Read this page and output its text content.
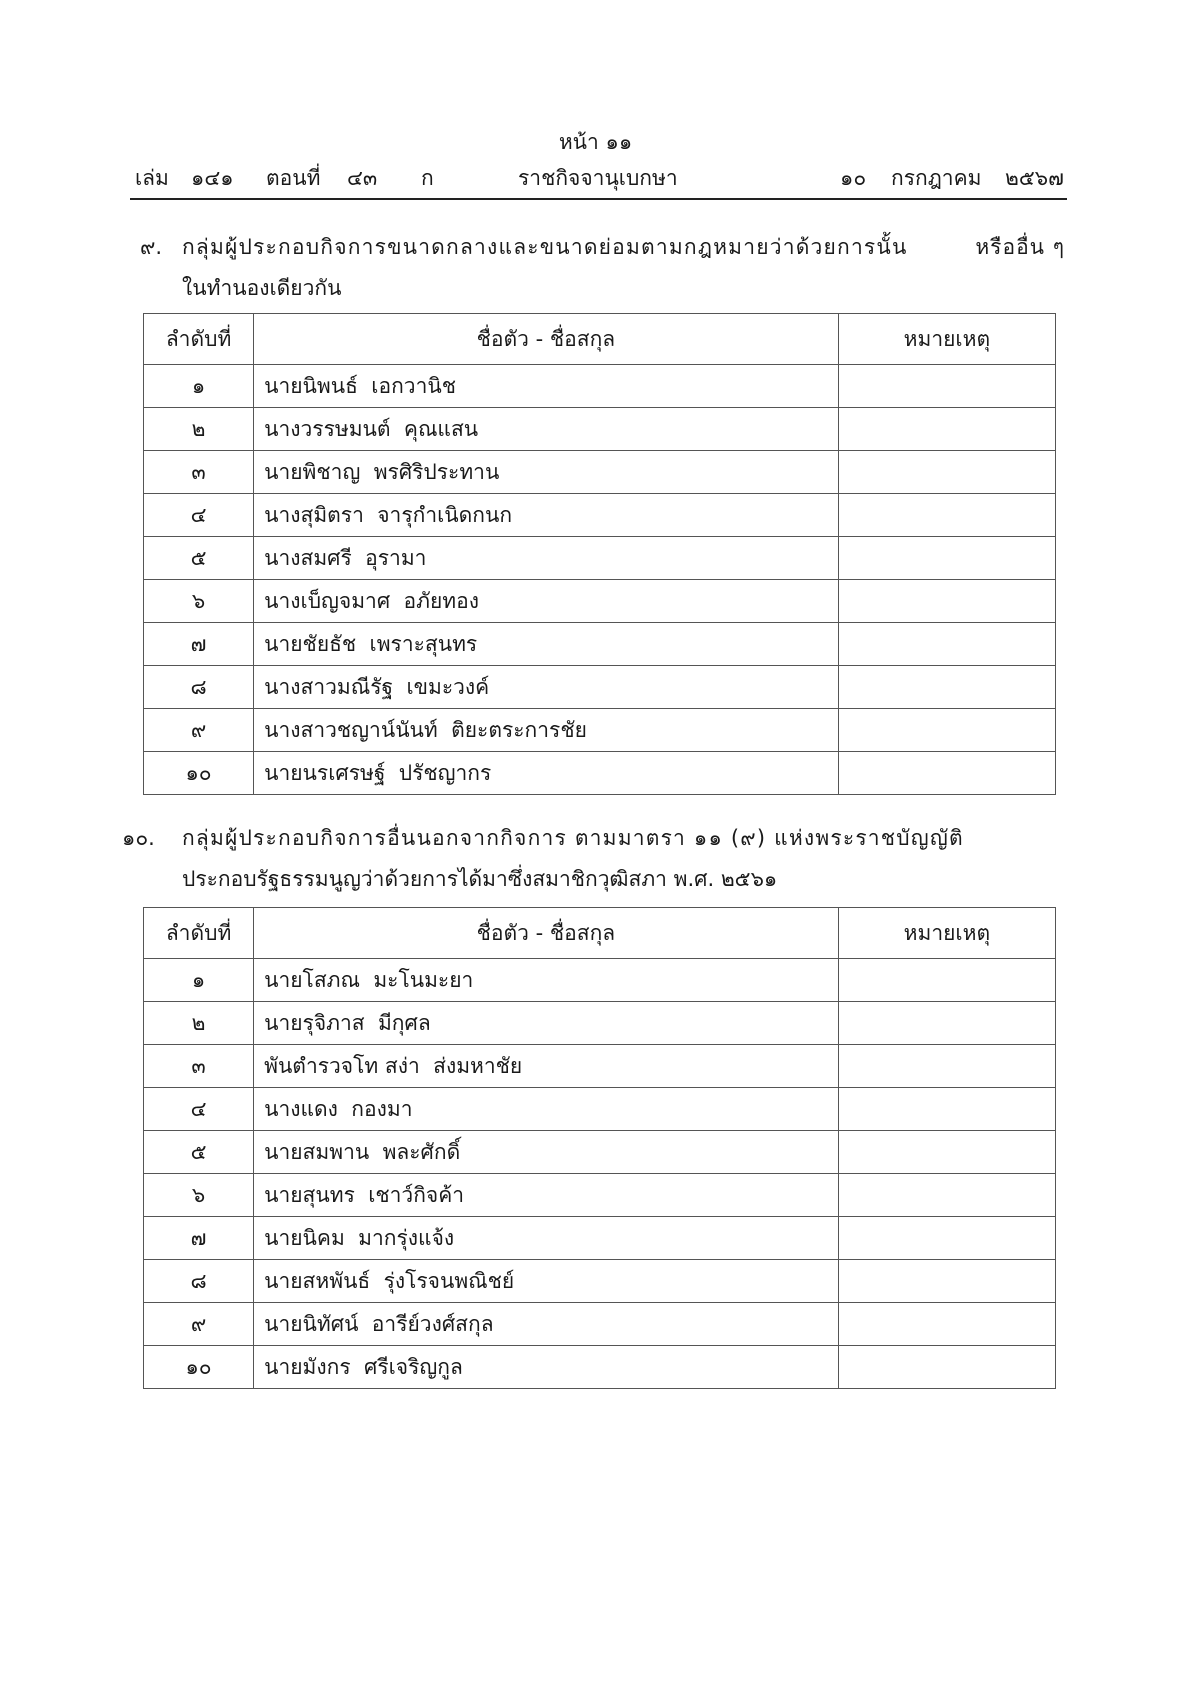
หน้า ๑๑
เล่ม ๑๔๑ ตอนที่ ๔๓ ก	ราชกิจจานุเบกษา	๑๐ กรกฎาคม ๒๕๖๗
๙. กลุ่มผู้ประกอบกิจการขนาดกลางและขนาดย่อมตามกฎหมายว่าด้วยการนั้น	หรืออื่น ๆ
ในทำนองเดียวกัน
ลำดับที่	ชื่อตัว - ชื่อสกุล	หมายเหตุ
๑	นายนิพนธ์  เอกวานิช	
๒	นางวรรษมนต์  คุณแสน	
๓	นายพิชาญ  พรศิริประทาน	
๔	นางสุมิตรา  จารุกำเนิดกนก	
๕	นางสมศรี  อุรามา	
๖	นางเบ็ญจมาศ  อภัยทอง	
๗	นายชัยธัช  เพราะสุนทร	
๘	นางสาวมณีรัฐ  เขมะวงค์	
๙	นางสาวชญาน์นันท์  ติยะตระการชัย	
๑๐	นายนรเศรษฐ์  ปรัชญากร	
๑๐.	กลุ่มผู้ประกอบกิจการอื่นนอกจากกิจการ ตามมาตรา ๑๑ (๙) แห่งพระราชบัญญัติ
ประกอบรัฐธรรมนูญว่าด้วยการได้มาซึ่งสมาชิกวุฒิสภา พ.ศ. ๒๕๖๑
ลำดับที่	ชื่อตัว - ชื่อสกุล	หมายเหตุ
๑	นายโสภณ  มะโนมะยา	
๒	นายรุจิภาส  มีกุศล	
๓	พันตำรวจโท สง่า  ส่งมหาชัย	
๔	นางแดง  กองมา	
๕	นายสมพาน  พละศักดิ์	
๖	นายสุนทร  เชาว์กิจค้า	
๗	นายนิคม  มากรุ่งแจ้ง	
๘	นายสหพันธ์  รุ่งโรจนพณิชย์	
๙	นายนิทัศน์  อารีย์วงศ์สกุล	
๑๐	นายมังกร  ศรีเจริญกูล	
